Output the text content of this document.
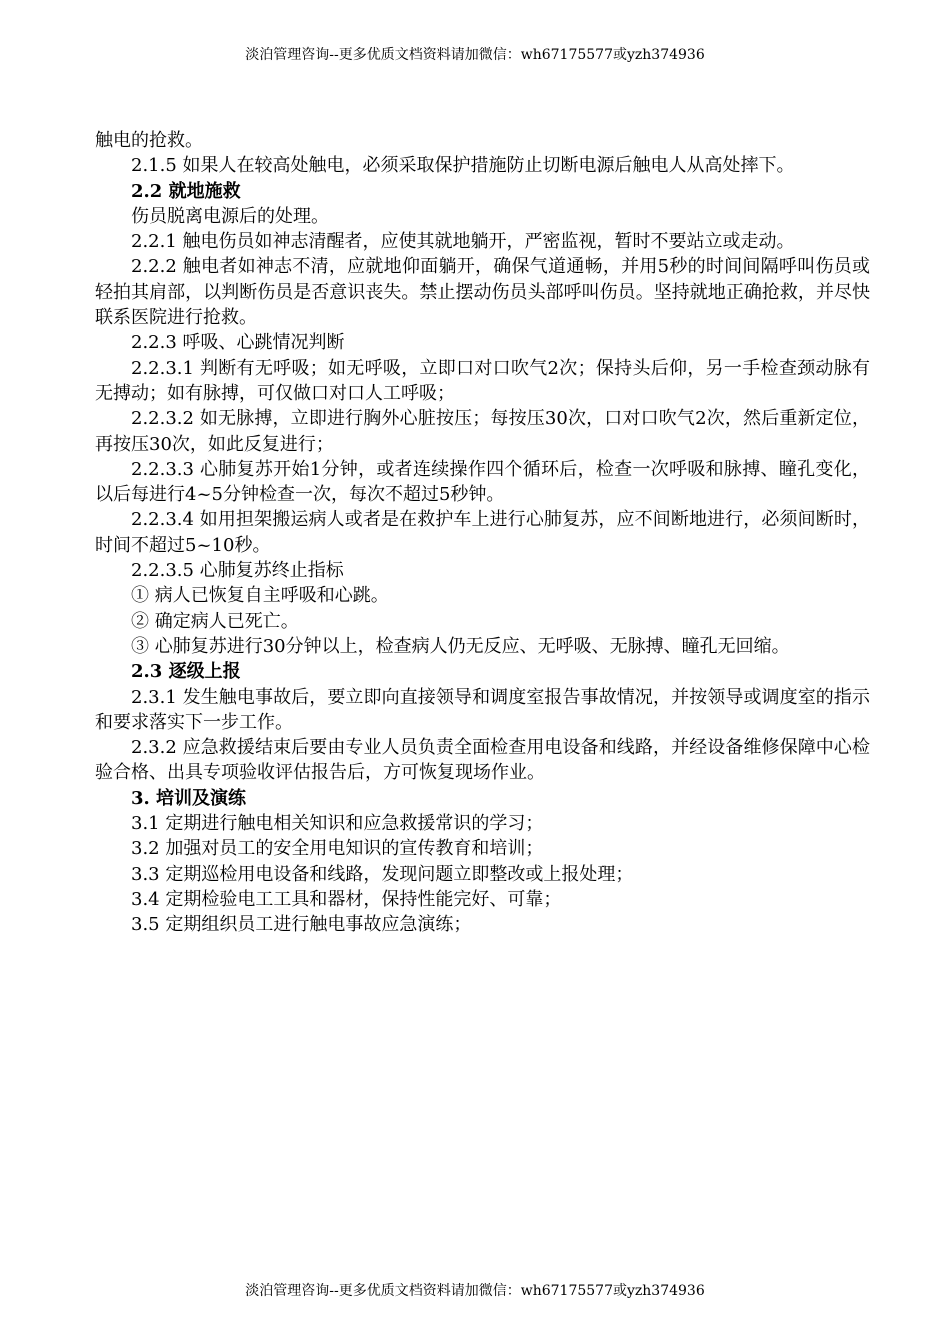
淡泊管理咨询--更多优质文档资料请加微信：wh67175577或yzh374936

触电的抢救。

2.1.5 如果人在较高处触电，必须采取保护措施防止切断电源后触电人从高处摔下。

2.2 就地施救

伤员脱离电源后的处理。

2.2.1 触电伤员如神志清醒者，应使其就地躺开，严密监视，暂时不要站立或走动。

2.2.2 触电者如神志不清，应就地仰面躺开，确保气道通畅，并用5秒的时间间隔呼叫伤员或轻拍其肩部，以判断伤员是否意识丧失。禁止摆动伤员头部呼叫伤员。坚持就地正确抢救，并尽快联系医院进行抢救。

2.2.3 呼吸、心跳情况判断

2.2.3.1 判断有无呼吸；如无呼吸，立即口对口吹气2次；保持头后仰，另一手检查颈动脉有无搏动；如有脉搏，可仅做口对口人工呼吸；

2.2.3.2 如无脉搏，立即进行胸外心脏按压；每按压30次，口对口吹气2次，然后重新定位，再按压30次，如此反复进行；

2.2.3.3 心肺复苏开始1分钟，或者连续操作四个循环后，检查一次呼吸和脉搏、瞳孔变化，以后每进行4~5分钟检查一次，每次不超过5秒钟。

2.2.3.4 如用担架搬运病人或者是在救护车上进行心肺复苏，应不间断地进行，必须间断时，时间不超过5~10秒。

2.2.3.5 心肺复苏终止指标

① 病人已恢复自主呼吸和心跳。

② 确定病人已死亡。

③ 心肺复苏进行30分钟以上，检查病人仍无反应、无呼吸、无脉搏、瞳孔无回缩。

2.3 逐级上报

2.3.1 发生触电事故后，要立即向直接领导和调度室报告事故情况，并按领导或调度室的指示和要求落实下一步工作。

2.3.2 应急救援结束后要由专业人员负责全面检查用电设备和线路，并经设备维修保障中心检验合格、出具专项验收评估报告后，方可恢复现场作业。

3. 培训及演练

3.1 定期进行触电相关知识和应急救援常识的学习；

3.2 加强对员工的安全用电知识的宣传教育和培训；

3.3 定期巡检用电设备和线路，发现问题立即整改或上报处理；

3.4 定期检验电工工具和器材，保持性能完好、可靠；

3.5 定期组织员工进行触电事故应急演练；

淡泊管理咨询--更多优质文档资料请加微信：wh67175577或yzh374936
